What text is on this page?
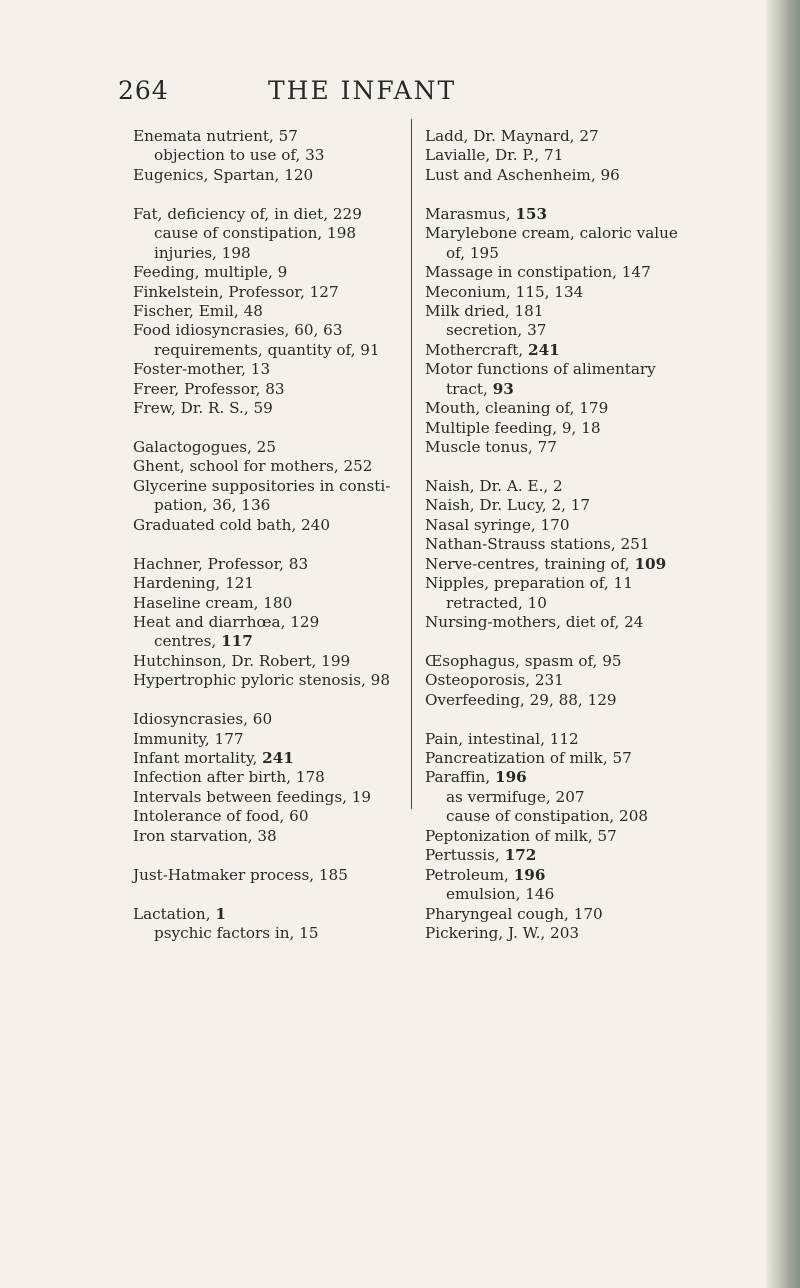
264	THE INFANT
Enemata nutrient, 57
objection to use of, 33
Eugenics, Spartan, 120
Fat, deficiency of, in diet, 229
cause of constipation, 198
injuries, 198
Feeding, multiple, 9
Finkelstein, Professor, 127
Fischer, Emil, 48
Food idiosyncrasies, 60, 63
requirements, quantity of, 91
Foster-mother, 13
Freer, Professor, 83
Frew, Dr. R. S., 59
Galactogogues, 25
Ghent, school for mothers, 252
Glycerine suppositories in consti-
pation, 36, 136
Graduated cold bath, 240
Hachner, Professor, 83
Hardening, 121
Haseline cream, 180
Heat and diarrhœa, 129
centres, 117
Hutchinson, Dr. Robert, 199
Hypertrophic pyloric stenosis, 98
Idiosyncrasies, 60
Immunity, 177
Infant mortality, 241
Infection after birth, 178
Intervals between feedings, 19
Intolerance of food, 60
Iron starvation, 38
Just-Hatmaker process, 185
Lactation, 1
psychic factors in, 15
Ladd, Dr. Maynard, 27
Lavialle, Dr. P., 71
Lust and Aschenheim, 96
Marasmus, 153
Marylebone cream, caloric value
of, 195
Massage in constipation, 147
Meconium, 115, 134
Milk dried, 181
secretion, 37
Mothercraft, 241
Motor functions of alimentary
tract, 93
Mouth, cleaning of, 179
Multiple feeding, 9, 18
Muscle tonus, 77
Naish, Dr. A. E., 2
Naish, Dr. Lucy, 2, 17
Nasal syringe, 170
Nathan-Strauss stations, 251
Nerve-centres, training of, 109
Nipples, preparation of, 11
retracted, 10
Nursing-mothers, diet of, 24
Œsophagus, spasm of, 95
Osteoporosis, 231
Overfeeding, 29, 88, 129
Pain, intestinal, 112
Pancreatization of milk, 57
Paraffin, 196
as vermifuge, 207
cause of constipation, 208
Peptonization of milk, 57
Pertussis, 172
Petroleum, 196
emulsion, 146
Pharyngeal cough, 170
Pickering, J. W., 203
